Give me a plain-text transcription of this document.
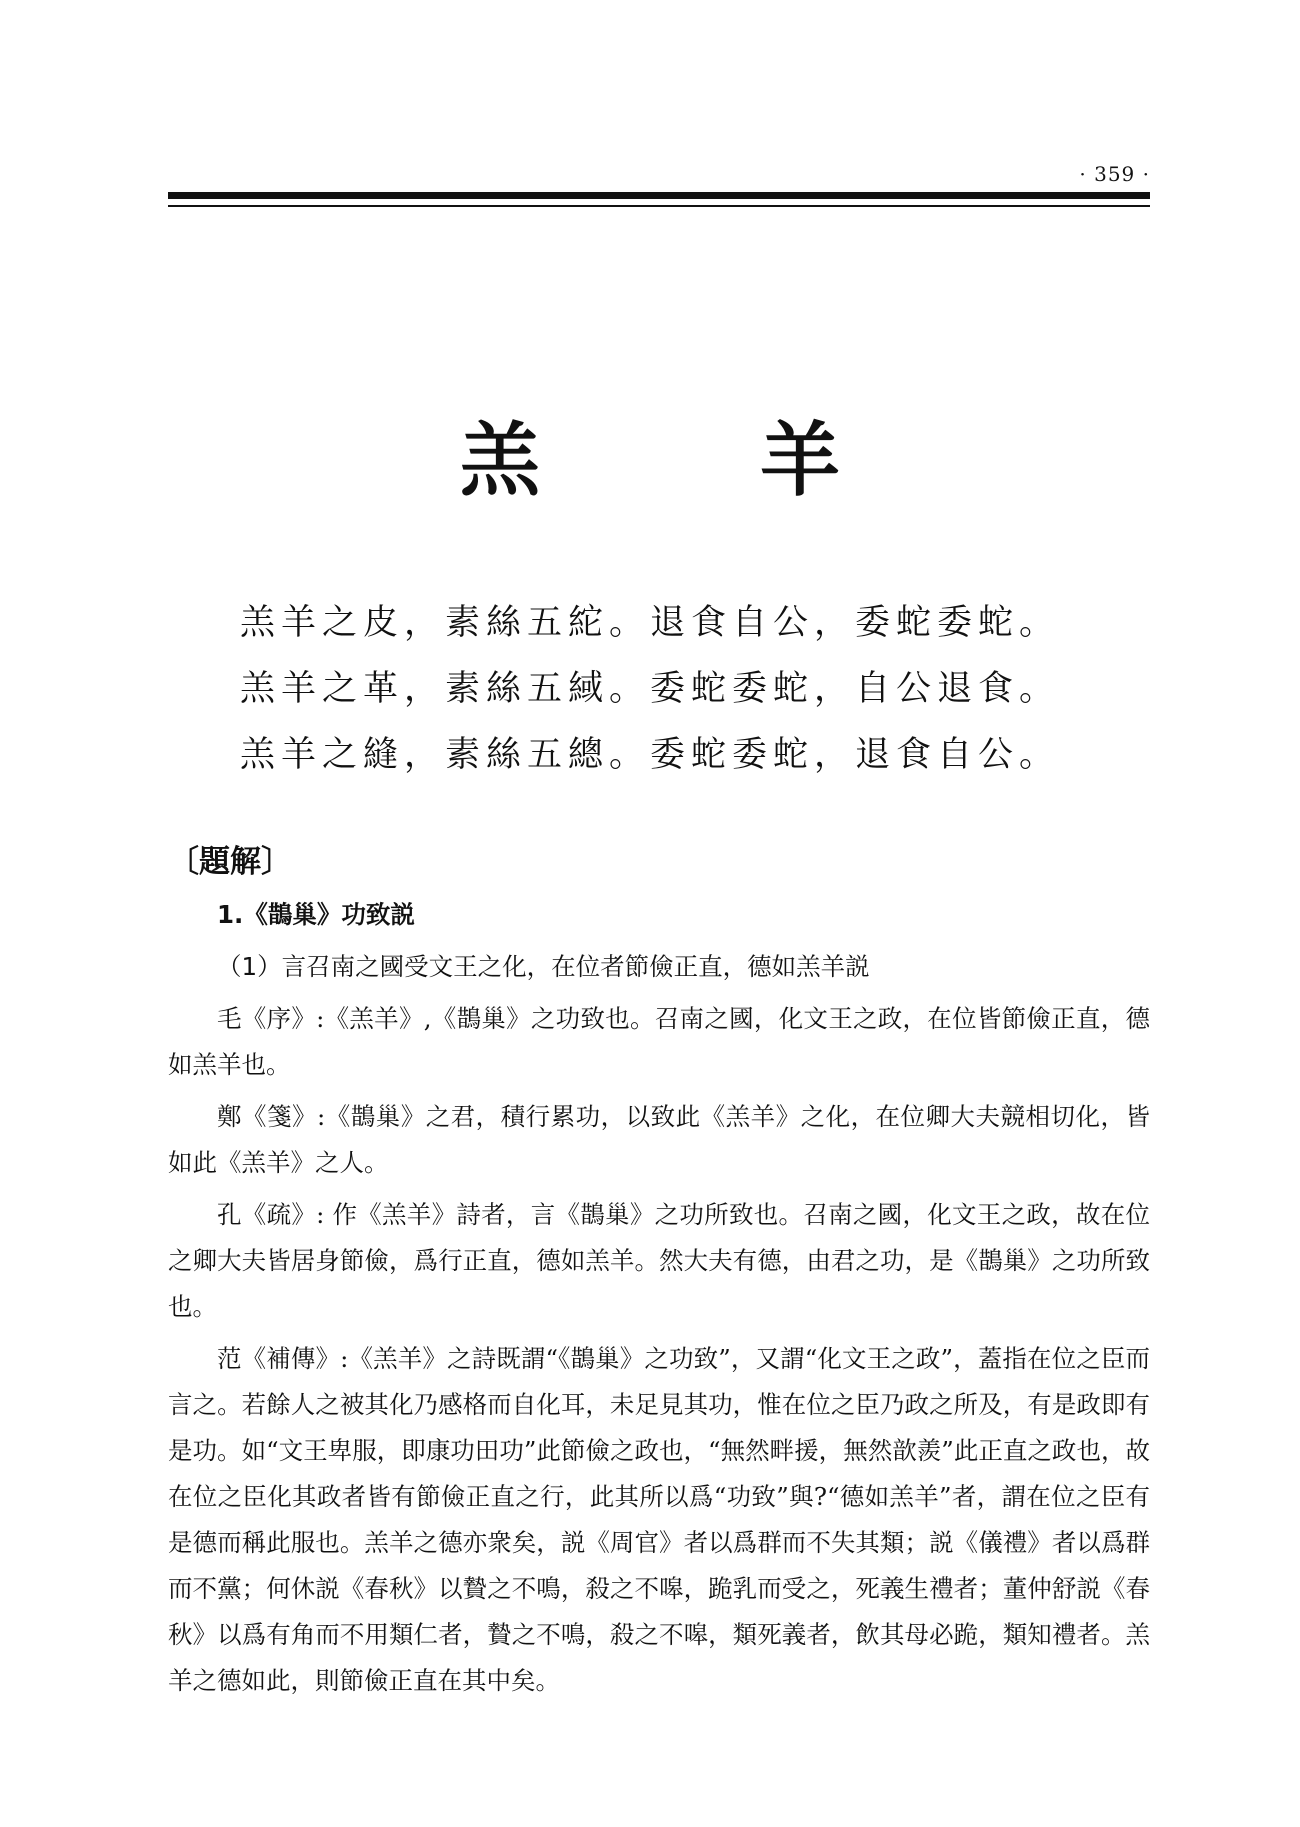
· 359 ·
羔　羊
羔羊之皮，素絲五紽。退食自公，委蛇委蛇。
羔羊之革，素絲五緎。委蛇委蛇，自公退食。
羔羊之縫，素絲五總。委蛇委蛇，退食自公。
〔題解〕

1.《鵲巢》功致説

（1）言召南之國受文王之化，在位者節儉正直，德如羔羊説

毛《序》:《羔羊》,《鵲巢》之功致也。召南之國，化文王之政，在位皆節儉正直，德如羔羊也。

鄭《箋》:《鵲巢》之君，積行累功，以致此《羔羊》之化，在位卿大夫競相切化，皆如此《羔羊》之人。

孔《疏》: 作《羔羊》詩者，言《鵲巢》之功所致也。召南之國，化文王之政，故在位之卿大夫皆居身節儉，爲行正直，德如羔羊。然大夫有德，由君之功，是《鵲巢》之功所致也。

范《補傳》:《羔羊》之詩既謂“《鵲巢》之功致”，又謂“化文王之政”，蓋指在位之臣而言之。若餘人之被其化乃感格而自化耳，未足見其功，惟在位之臣乃政之所及，有是政即有是功。如“文王卑服，即康功田功”此節儉之政也，“無然畔援，無然歆羨”此正直之政也，故在位之臣化其政者皆有節儉正直之行，此其所以爲“功致”與?“德如羔羊”者，謂在位之臣有是德而稱此服也。羔羊之德亦衆矣，説《周官》者以爲群而不失其類；説《儀禮》者以爲群而不黨；何休説《春秋》以贄之不鳴，殺之不嗥，跪乳而受之，死義生禮者；董仲舒説《春秋》以爲有角而不用類仁者，贄之不鳴，殺之不嗥，類死義者，飲其母必跪，類知禮者。羔羊之德如此，則節儉正直在其中矣。
